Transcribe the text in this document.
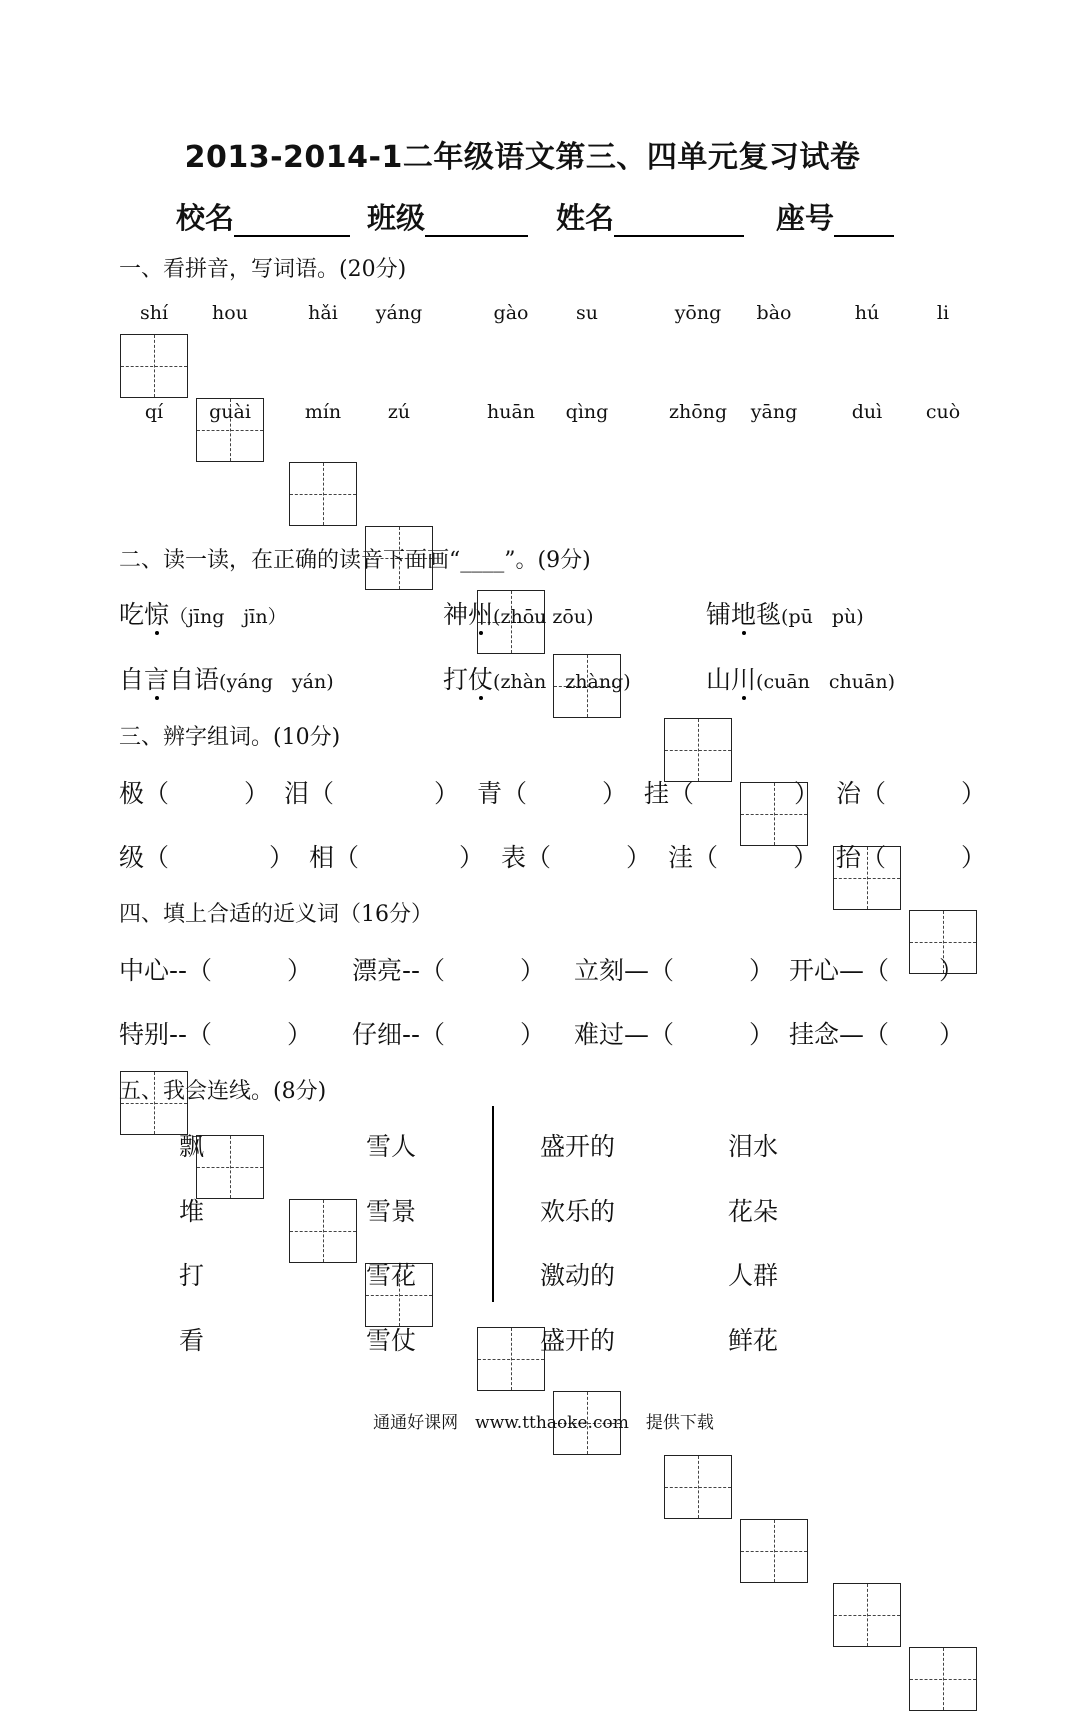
2013-2014-1二年级语文第三、四单元复习试卷
校名	班级	姓名	座号
一、看拼音，写词语。(20分)
shí	hou	hǎi	yáng	gào	su	yōng	bào	hú	li
qí	guài	mín	zú	huān	qìng	zhōng	yāng	duì	cuò
二、读一读，在正确的读音下面画“____”。(9分)
吃惊（jīng　jīn）	神州(zhōu zōu)	铺地毯(pū　pù)
自言自语(yáng　yán)	打仗(zhàn　zhàng)	山川(cuān　chuān)
三、辨字组词。(10分)
极（　　　） 泪（　　　　） 青（　　　） 挂（　　　　） 治（　　　）
级（　　　　） 相（　　　　） 表（　　　） 洼（　　　） 抬（　　　）
四、填上合适的近义词（16分）
中心--（　　　） 漂亮--（　　　） 立刻—（　　　） 开心—（　　）
特别--（　　　） 仔细--（　　　） 难过—（　　　） 挂念—（　　）
五、我会连线。(8分)
飘	雪人
堆	雪景
打	雪花
看	雪仗
盛开的	泪水
欢乐的	花朵
激动的	人群
盛开的	鲜花
通通好课网　www.tthaoke.com　提供下载
